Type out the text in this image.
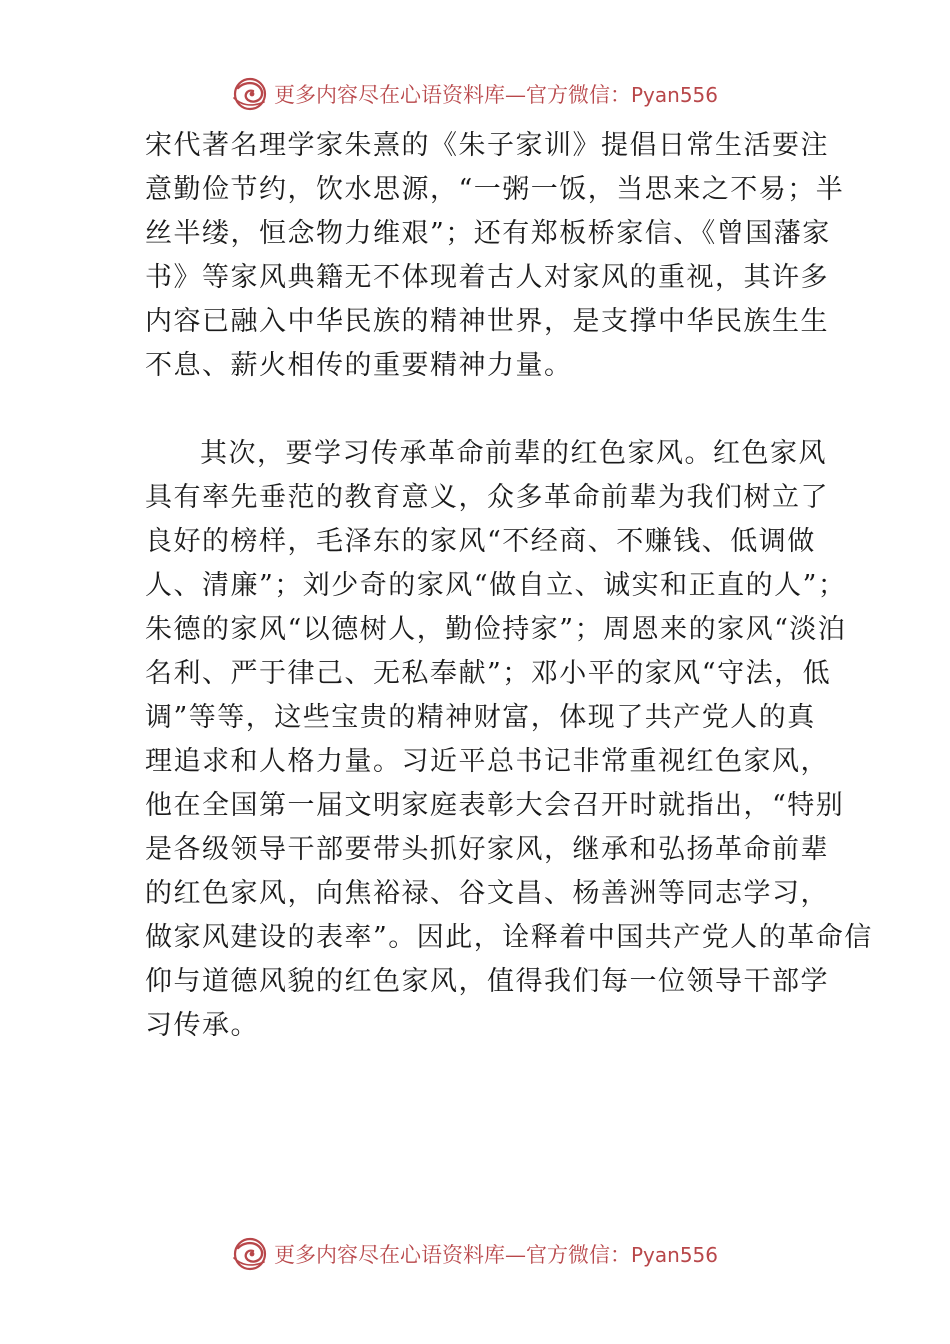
更多内容尽在心语资料库—官方微信：Pyan556
宋代著名理学家朱熹的《朱子家训》提倡日常生活要注
意勤俭节约，饮水思源，“一粥一饭，当思来之不易；半
丝半缕，恒念物力维艰”；还有郑板桥家信、《曾国藩家
书》等家风典籍无不体现着古人对家风的重视，其许多
内容已融入中华民族的精神世界，是支撑中华民族生生
不息、薪火相传的重要精神力量。
其次，要学习传承革命前辈的红色家风。红色家风
具有率先垂范的教育意义，众多革命前辈为我们树立了
良好的榜样，毛泽东的家风“不经商、不赚钱、低调做
人、清廉”；刘少奇的家风“做自立、诚实和正直的人”；
朱德的家风“以德树人，勤俭持家”；周恩来的家风“淡泊
名利、严于律己、无私奉献”；邓小平的家风“守法，低
调”等等，这些宝贵的精神财富，体现了共产党人的真
理追求和人格力量。习近平总书记非常重视红色家风，
他在全国第一届文明家庭表彰大会召开时就指出，“特别
是各级领导干部要带头抓好家风，继承和弘扬革命前辈
的红色家风，向焦裕禄、谷文昌、杨善洲等同志学习，
做家风建设的表率”。因此，诠释着中国共产党人的革命信
仰与道德风貌的红色家风，值得我们每一位领导干部学
习传承。
更多内容尽在心语资料库—官方微信：Pyan556
